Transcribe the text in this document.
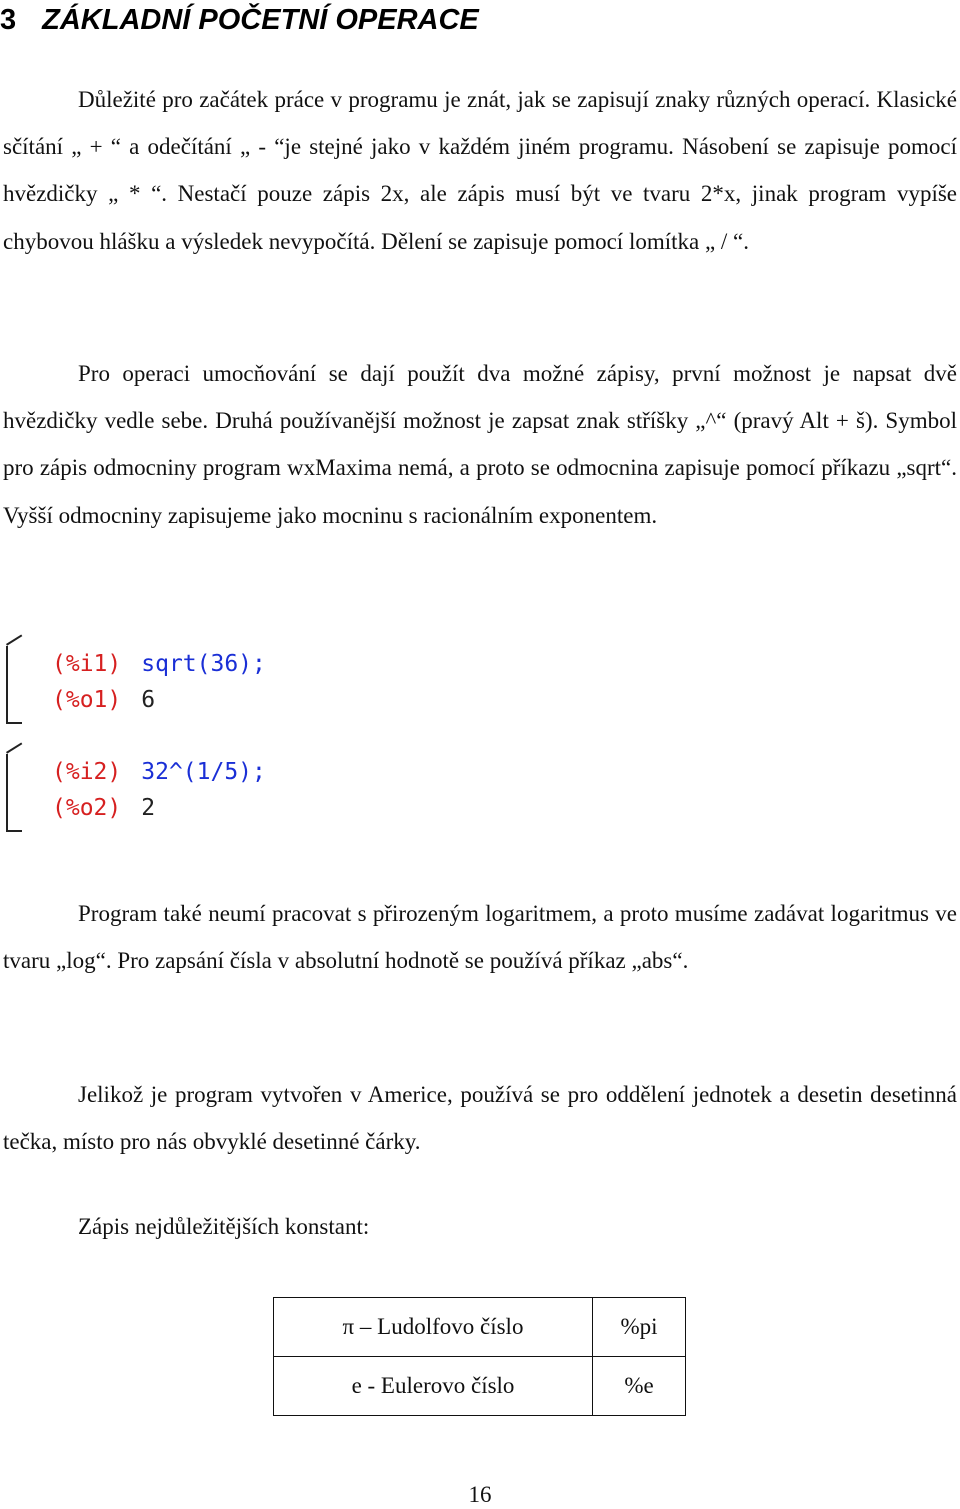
3 ZÁKLADNÍ POČETNÍ OPERACE

Důležité pro začátek práce v programu je znát, jak se zapisují znaky různých operací. Klasické sčítání „ + “ a odečítání „ - “je stejné jako v každém jiném programu. Násobení se zapisuje pomocí hvězdičky „ * “. Nestačí pouze zápis 2x, ale zápis musí být ve tvaru 2*x, jinak program vypíše chybovou hlášku a výsledek nevypočítá. Dělení se zapisuje pomocí lomítka „ / “.

Pro operaci umocňování se dají použít dva možné zápisy, první možnost je napsat dvě hvězdičky vedle sebe. Druhá používanější možnost je zapsat znak stříšky „^“ (pravý Alt + š). Symbol pro zápis odmocniny program wxMaxima nemá, a proto se odmocnina zapisuje pomocí příkazu „sqrt“. Vyšší odmocniny zapisujeme jako mocninu s racionálním exponentem.

(%i1) sqrt(36);
(%o1) 6
(%i2) 32^(1/5);
(%o2) 2

Program také neumí pracovat s přirozeným logaritmem, a proto musíme zadávat logaritmus ve tvaru „log“. Pro zapsání čísla v absolutní hodnotě se používá příkaz „abs“.

Jelikož je program vytvořen v Americe, používá se pro oddělení jednotek a desetin desetinná tečka, místo pro nás obvyklé desetinné čárky.

Zápis nejdůležitějších konstant:

π – Ludolfovo číslo	%pi
e - Eulerovo číslo	%e
16
